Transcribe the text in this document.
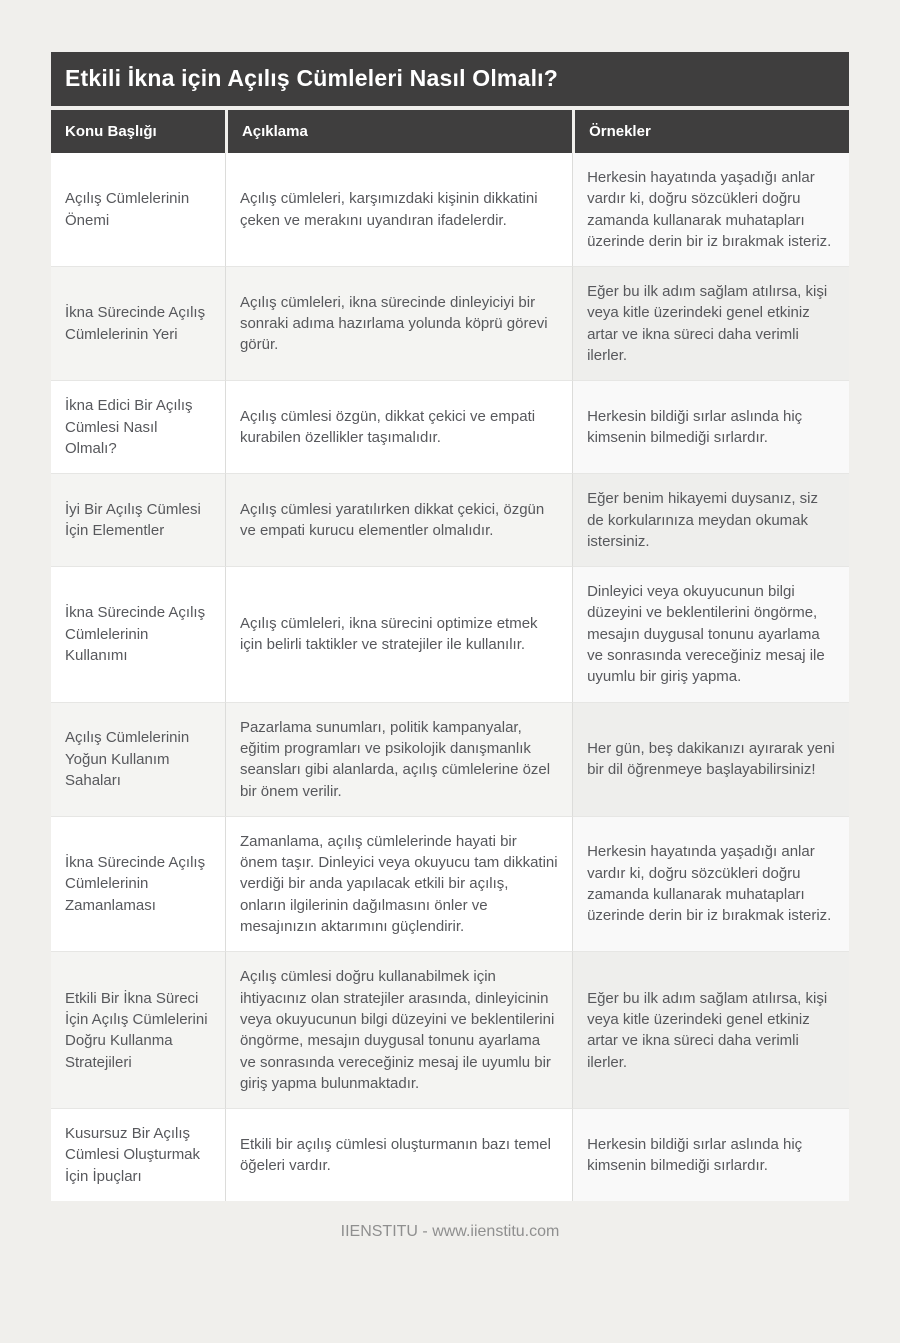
Etkili İkna için Açılış Cümleleri Nasıl Olmalı?
Konu Başlığı	Açıklama	Örnekler
Açılış Cümlelerinin Önemi
Açılış cümleleri, karşımızdaki kişinin dikkatini çeken ve merakını uyandıran ifadelerdir.
Herkesin hayatında yaşadığı anlar vardır ki, doğru sözcükleri doğru zamanda kullanarak muhatapları üzerinde derin bir iz bırakmak isteriz.
İkna Sürecinde Açılış Cümlelerinin Yeri
Açılış cümleleri, ikna sürecinde dinleyiciyi bir sonraki adıma hazırlama yolunda köprü görevi görür.
Eğer bu ilk adım sağlam atılırsa, kişi veya kitle üzerindeki genel etkiniz artar ve ikna süreci daha verimli ilerler.
İkna Edici Bir Açılış Cümlesi Nasıl Olmalı?
Açılış cümlesi özgün, dikkat çekici ve empati kurabilen özellikler taşımalıdır.
Herkesin bildiği sırlar aslında hiç kimsenin bilmediği sırlardır.
İyi Bir Açılış Cümlesi İçin Elementler
Açılış cümlesi yaratılırken dikkat çekici, özgün ve empati kurucu elementler olmalıdır.
Eğer benim hikayemi duysanız, siz de korkularınıza meydan okumak istersiniz.
İkna Sürecinde Açılış Cümlelerinin Kullanımı
Açılış cümleleri, ikna sürecini optimize etmek için belirli taktikler ve stratejiler ile kullanılır.
Dinleyici veya okuyucunun bilgi düzeyini ve beklentilerini öngörme, mesajın duygusal tonunu ayarlama ve sonrasında vereceğiniz mesaj ile uyumlu bir giriş yapma.
Açılış Cümlelerinin Yoğun Kullanım Sahaları
Pazarlama sunumları, politik kampanyalar, eğitim programları ve psikolojik danışmanlık seansları gibi alanlarda, açılış cümlelerine özel bir önem verilir.
Her gün, beş dakikanızı ayırarak yeni bir dil öğrenmeye başlayabilirsiniz!
İkna Sürecinde Açılış Cümlelerinin Zamanlaması
Zamanlama, açılış cümlelerinde hayati bir önem taşır. Dinleyici veya okuyucu tam dikkatini verdiği bir anda yapılacak etkili bir açılış, onların ilgilerinin dağılmasını önler ve mesajınızın aktarımını güçlendirir.
Herkesin hayatında yaşadığı anlar vardır ki, doğru sözcükleri doğru zamanda kullanarak muhatapları üzerinde derin bir iz bırakmak isteriz.
Etkili Bir İkna Süreci İçin Açılış Cümlelerini Doğru Kullanma Stratejileri
Açılış cümlesi doğru kullanabilmek için ihtiyacınız olan stratejiler arasında, dinleyicinin veya okuyucunun bilgi düzeyini ve beklentilerini öngörme, mesajın duygusal tonunu ayarlama ve sonrasında vereceğiniz mesaj ile uyumlu bir giriş yapma bulunmaktadır.
Eğer bu ilk adım sağlam atılırsa, kişi veya kitle üzerindeki genel etkiniz artar ve ikna süreci daha verimli ilerler.
Kusursuz Bir Açılış Cümlesi Oluşturmak İçin İpuçları
Etkili bir açılış cümlesi oluşturmanın bazı temel öğeleri vardır.
Herkesin bildiği sırlar aslında hiç kimsenin bilmediği sırlardır.
IIENSTITU - www.iienstitu.com
